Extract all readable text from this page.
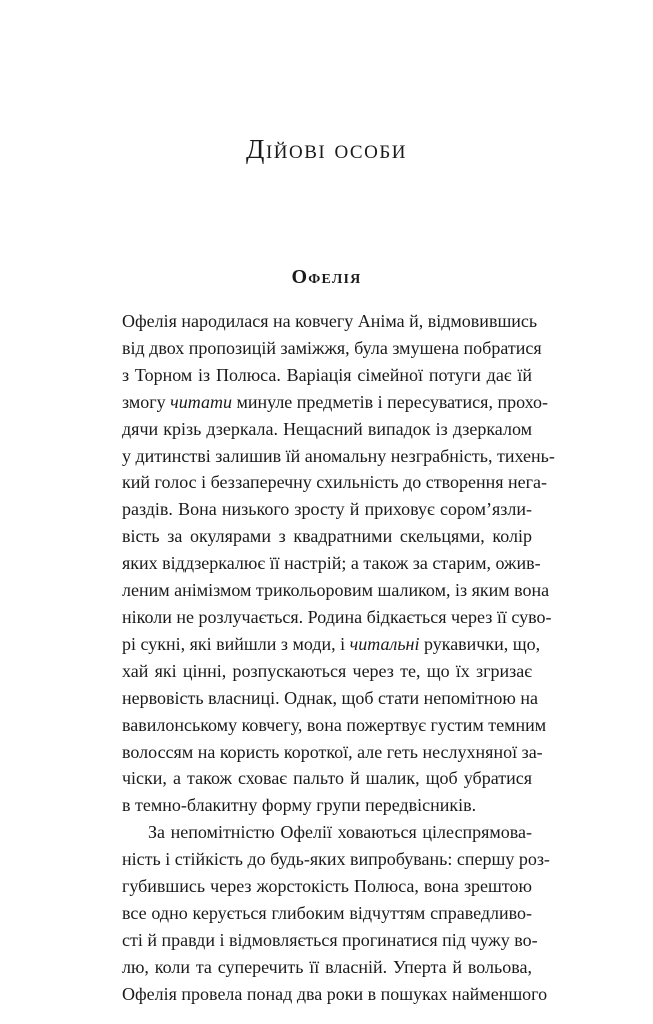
Дійові особи
Офелія
Офелія народилася на ковчегу Аніма й, відмовившись
від двох пропозицій заміжжя, була змушена побратися
з Торном із Полюса. Варіація сімейної потуги дає їй
змогу читати минуле предметів і пересуватися, прохо-
дячи крізь дзеркала. Нещасний випадок із дзеркалом
у дитинстві залишив їй аномальну незграбність, тихень-
кий голос і беззаперечну схильність до створення нега-
раздів. Вона низького зросту й приховує сором’язли-
вість за окулярами з квадратними скельцями, колір
яких віддзеркалює її настрій; а також за старим, ожив-
леним анімізмом трикольоровим шаликом, із яким вона
ніколи не розлучається. Родина бідкається через її суво-
рі сукні, які вийшли з моди, і читальні рукавички, що,
хай які цінні, розпускаються через те, що їх згризає
нервовість власниці. Однак, щоб стати непомітною на
вавилонському ковчегу, вона пожертвує густим темним
волоссям на користь короткої, але геть неслухняної за-
чіски, а також сховає пальто й шалик, щоб убратися
в темно-блакитну форму групи передвісників.
За непомітністю Офелії ховаються цілеспрямова-
ність і стійкість до будь-яких випробувань: спершу роз-
губившись через жорстокість Полюса, вона зрештою
все одно керується глибоким відчуттям справедливо-
сті й правди і відмовляється прогинатися під чужу во-
лю, коли та суперечить її власній. Уперта й вольова,
Офелія провела понад два роки в пошуках найменшого
